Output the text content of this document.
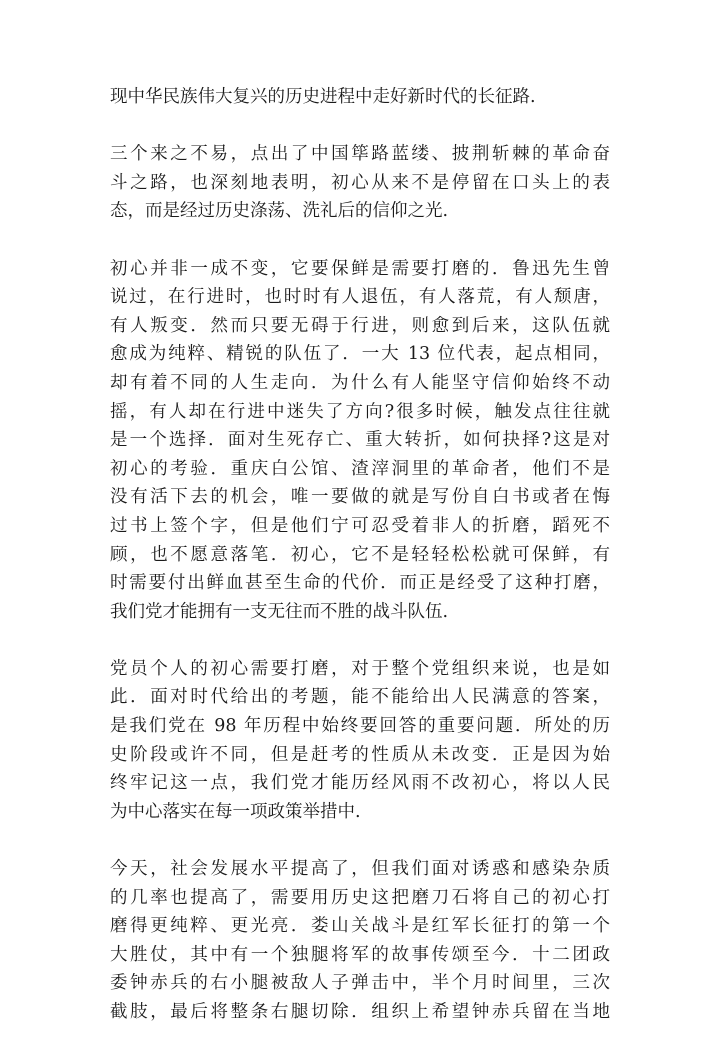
现中华民族伟大复兴的历史进程中走好新时代的长征路.

三个来之不易，点出了中国筚路蓝缕、披荆斩棘的革命奋
斗之路，也深刻地表明，初心从来不是停留在口头上的表
态，而是经过历史涤荡、洗礼后的信仰之光.

初心并非一成不变，它要保鲜是需要打磨的．鲁迅先生曾
说过，在行进时，也时时有人退伍，有人落荒，有人颓唐，
有人叛变．然而只要无碍于行进，则愈到后来，这队伍就
愈成为纯粹、精锐的队伍了．一大 13 位代表，起点相同，
却有着不同的人生走向．为什么有人能坚守信仰始终不动
摇，有人却在行进中迷失了方向?很多时候，触发点往往就
是一个选择．面对生死存亡、重大转折，如何抉择?这是对
初心的考验．重庆白公馆、渣滓洞里的革命者，他们不是
没有活下去的机会，唯一要做的就是写份自白书或者在悔
过书上签个字，但是他们宁可忍受着非人的折磨，蹈死不
顾，也不愿意落笔．初心，它不是轻轻松松就可保鲜，有
时需要付出鲜血甚至生命的代价．而正是经受了这种打磨，
我们党才能拥有一支无往而不胜的战斗队伍.

党员个人的初心需要打磨，对于整个党组织来说，也是如
此．面对时代给出的考题，能不能给出人民满意的答案，
是我们党在 98 年历程中始终要回答的重要问题．所处的历
史阶段或许不同，但是赶考的性质从未改变．正是因为始
终牢记这一点，我们党才能历经风雨不改初心，将以人民
为中心落实在每一项政策举措中.

今天，社会发展水平提高了，但我们面对诱惑和感染杂质
的几率也提高了，需要用历史这把磨刀石将自己的初心打
磨得更纯粹、更光亮．娄山关战斗是红军长征打的第一个
大胜仗，其中有一个独腿将军的故事传颂至今．十二团政
委钟赤兵的右小腿被敌人子弹击中，半个月时间里，三次
截肢，最后将整条右腿切除．组织上希望钟赤兵留在当地
